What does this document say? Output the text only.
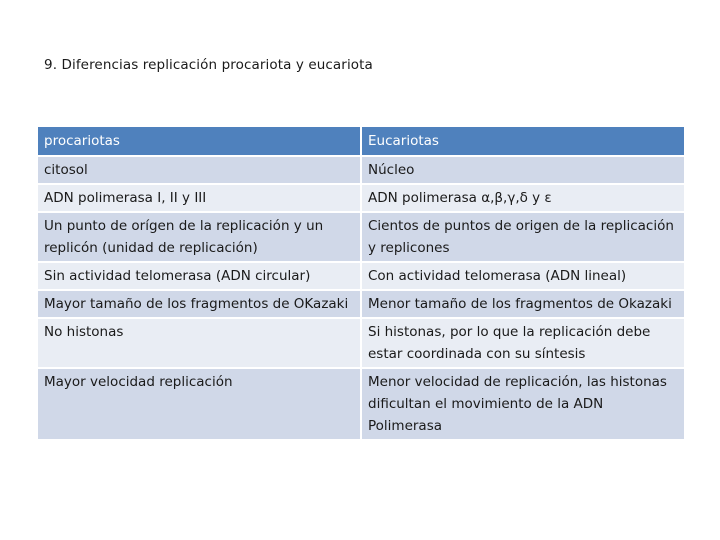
9. Diferencias replicación procariota y eucariota
procariotas	Eucariotas
citosol	Núcleo
ADN polimerasa I, II y III	ADN polimerasa α,β,γ,δ y ε
Un punto de orígen de la replicación y un replicón (unidad de replicación)	Cientos de puntos de origen de la replicación y replicones
Sin actividad telomerasa (ADN circular)	Con actividad telomerasa (ADN lineal)
Mayor tamaño de los fragmentos de OKazaki	Menor tamaño de los fragmentos de Okazaki
No histonas	Si histonas, por lo que la replicación debe estar coordinada con su síntesis
Mayor velocidad replicación	Menor velocidad de replicación, las histonas dificultan el movimiento de la ADN Polimerasa
